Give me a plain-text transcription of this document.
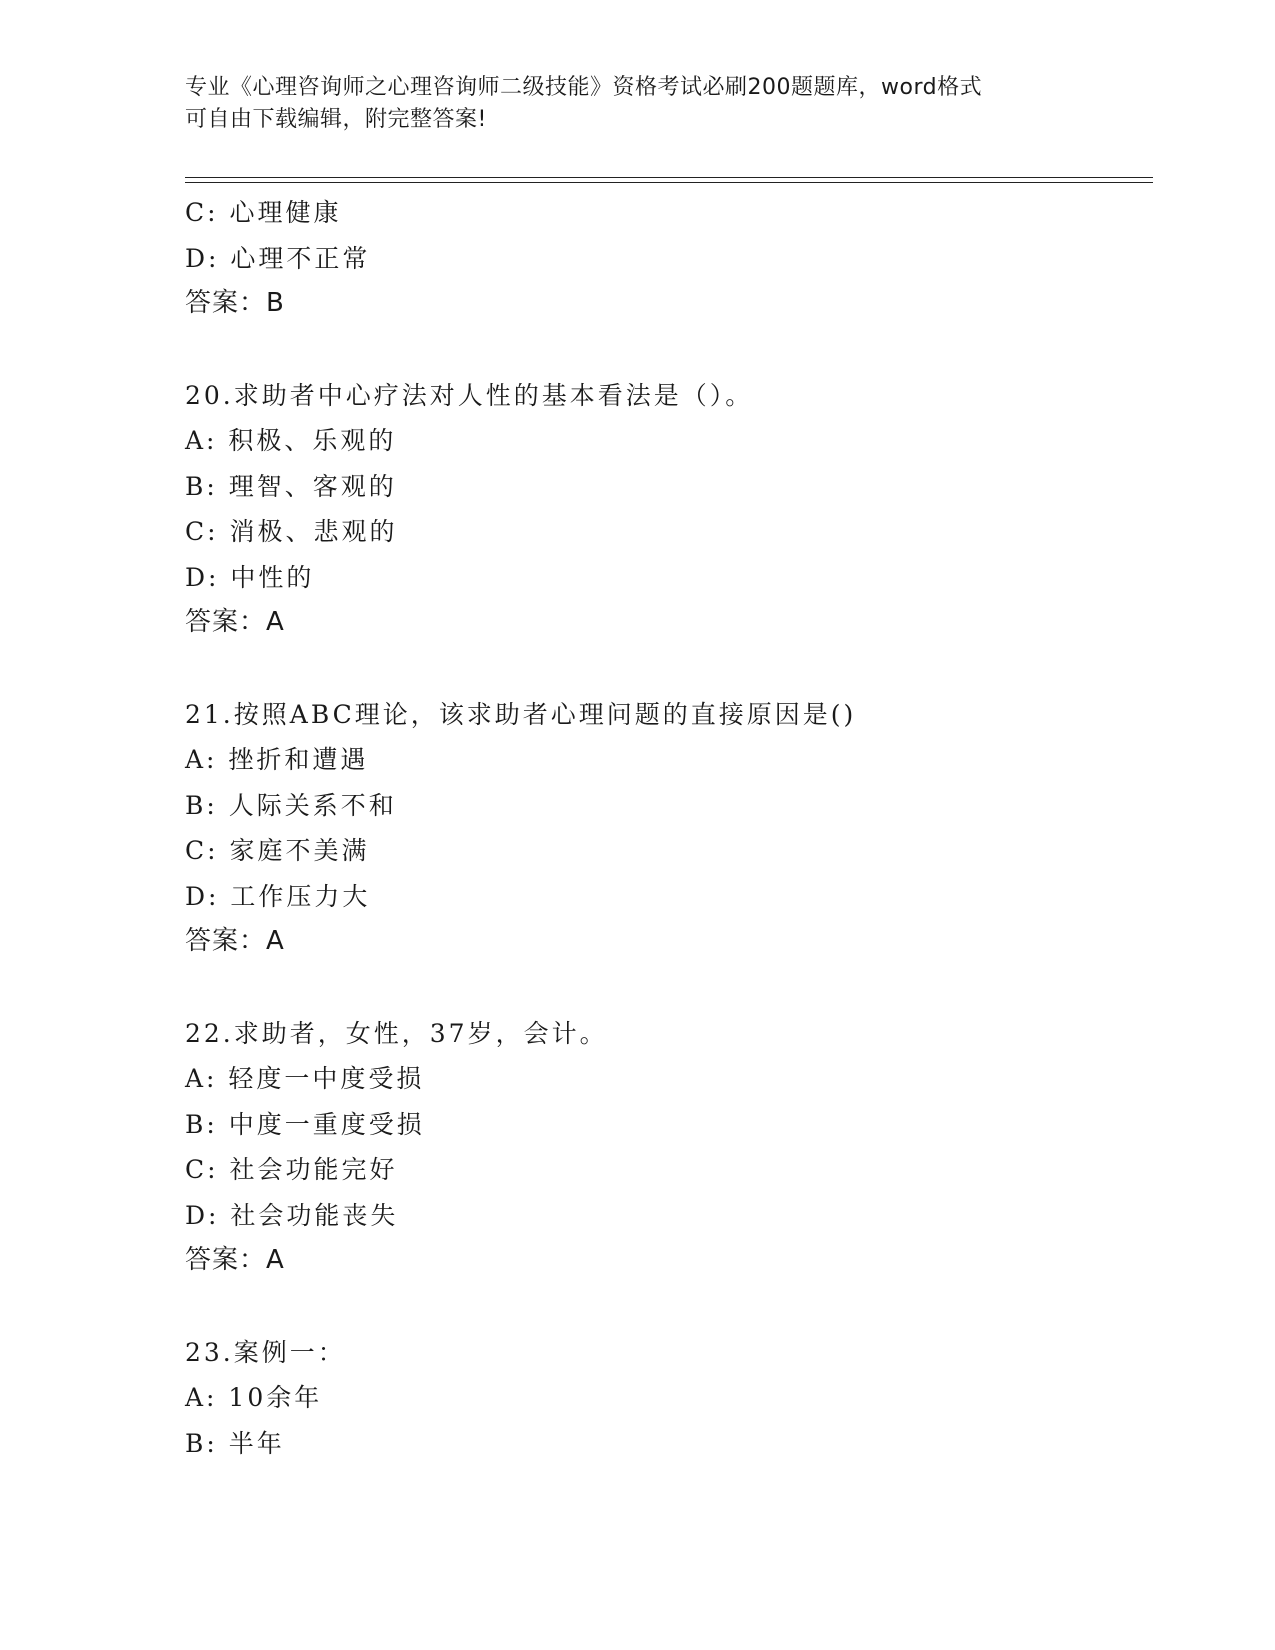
专业《心理咨询师之心理咨询师二级技能》资格考试必刷200题题库，word格式
可自由下载编辑，附完整答案!
C: 心理健康
D: 心理不正常
答案：B
20.求助者中心疗法对人性的基本看法是（）。
A: 积极、乐观的
B: 理智、客观的
C: 消极、悲观的
D: 中性的
答案：A
21.按照ABC理论，该求助者心理问题的直接原因是()
A: 挫折和遭遇
B: 人际关系不和
C: 家庭不美满
D: 工作压力大
答案：A
22.求助者，女性，37岁，会计。
A: 轻度一中度受损
B: 中度一重度受损
C: 社会功能完好
D: 社会功能丧失
答案：A
23.案例一：
A: 10余年
B: 半年
